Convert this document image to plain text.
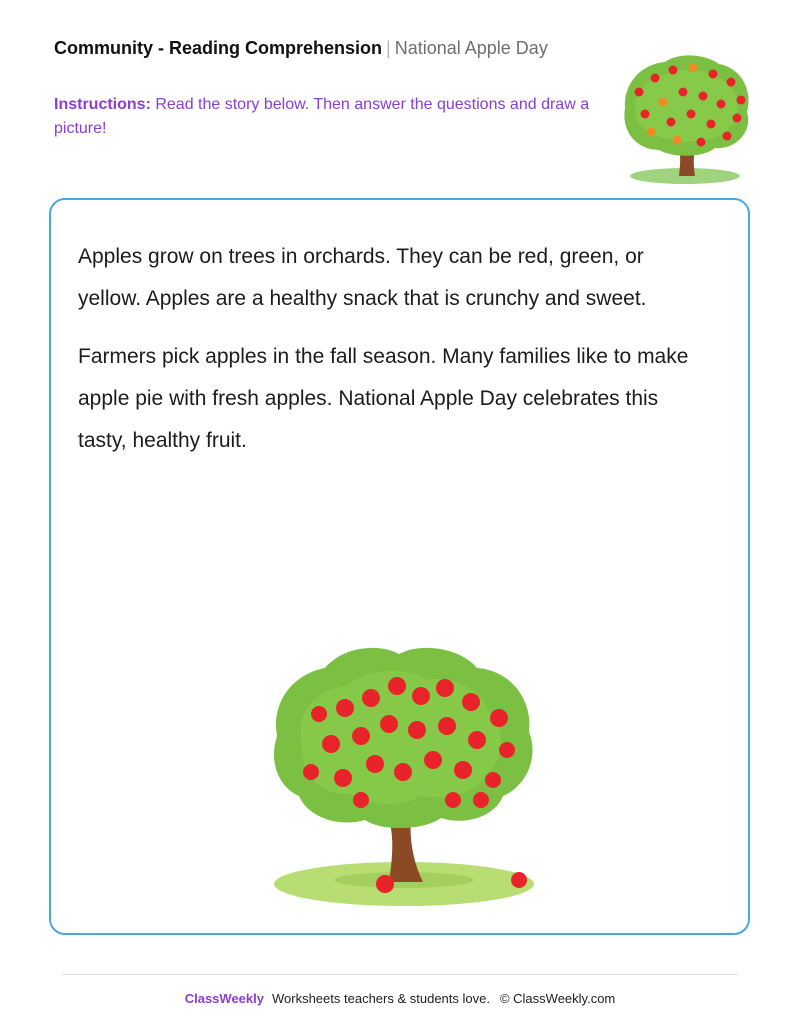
Community - Reading Comprehension | National Apple Day
Instructions: Read the story below. Then answer the questions and draw a picture!

Apples grow on trees in orchards. They can be red, green, or yellow. Apples are a healthy snack that is crunchy and sweet.

Farmers pick apples in the fall season. Many families like to make apple pie with fresh apples. National Apple Day celebrates this tasty, healthy fruit.

ClassWeekly Worksheets teachers & students love. © ClassWeekly.com
